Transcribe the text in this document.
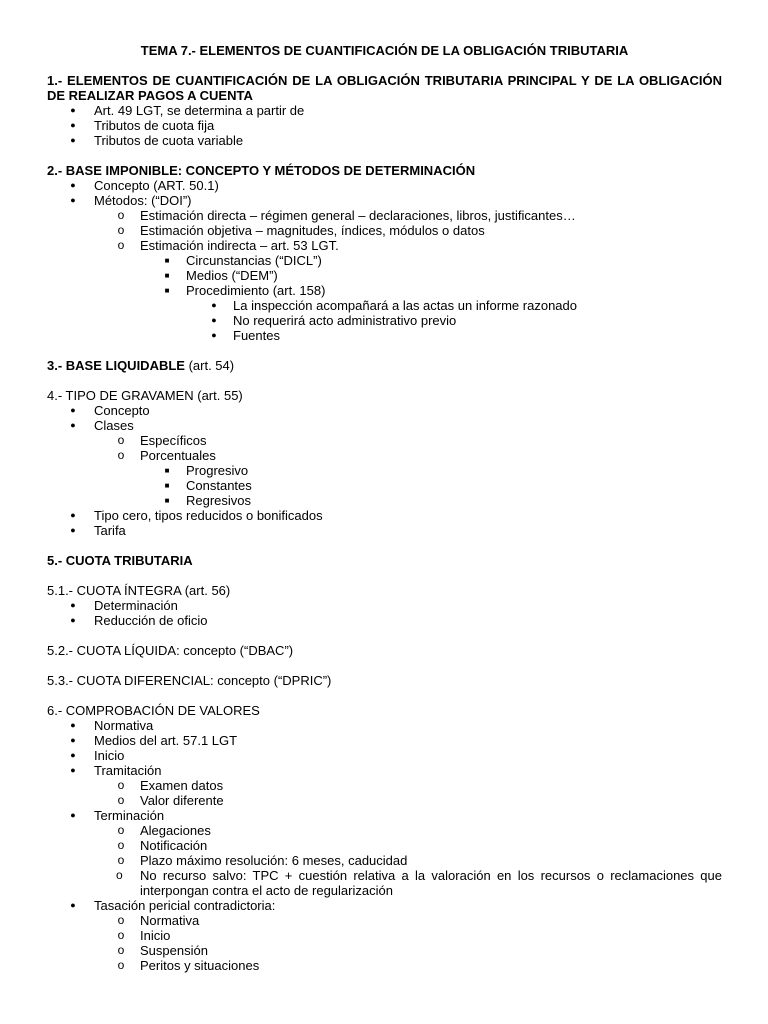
TEMA 7.- ELEMENTOS DE CUANTIFICACIÓN DE LA OBLIGACIÓN TRIBUTARIA
1.- ELEMENTOS DE CUANTIFICACIÓN DE LA OBLIGACIÓN TRIBUTARIA PRINCIPAL Y DE LA OBLIGACIÓN DE REALIZAR PAGOS A CUENTA
● Art. 49 LGT, se determina a partir de
● Tributos de cuota fija
● Tributos de cuota variable
2.- BASE IMPONIBLE: CONCEPTO Y MÉTODOS DE DETERMINACIÓN
● Concepto (ART. 50.1)
● Métodos: (“DOI”)
o Estimación directa – régimen general – declaraciones, libros, justificantes…
o Estimación objetiva – magnitudes, índices, módulos o datos
o Estimación indirecta – art. 53 LGT.
■ Circunstancias (“DICL”)
■ Medios (“DEM”)
■ Procedimiento (art. 158)
● La inspección acompañará a las actas un informe razonado
● No requerirá acto administrativo previo
● Fuentes
3.- BASE LIQUIDABLE (art. 54)
4.- TIPO DE GRAVAMEN (art. 55)
● Concepto
● Clases
o Específicos
o Porcentuales
■ Progresivo
■ Constantes
■ Regresivos
● Tipo cero, tipos reducidos o bonificados
● Tarifa
5.- CUOTA TRIBUTARIA
5.1.- CUOTA ÍNTEGRA (art. 56)
● Determinación
● Reducción de oficio
5.2.- CUOTA LÍQUIDA: concepto (“DBAC”)
5.3.- CUOTA DIFERENCIAL: concepto (“DPRIC”)
6.- COMPROBACIÓN DE VALORES
● Normativa
● Medios del art. 57.1 LGT
● Inicio
● Tramitación
o Examen datos
o Valor diferente
● Terminación
o Alegaciones
o Notificación
o Plazo máximo resolución: 6 meses, caducidad
o No recurso salvo: TPC + cuestión relativa a la valoración en los recursos o reclamaciones que interpongan contra el acto de regularización
● Tasación pericial contradictoria:
o Normativa
o Inicio
o Suspensión
o Peritos y situaciones
